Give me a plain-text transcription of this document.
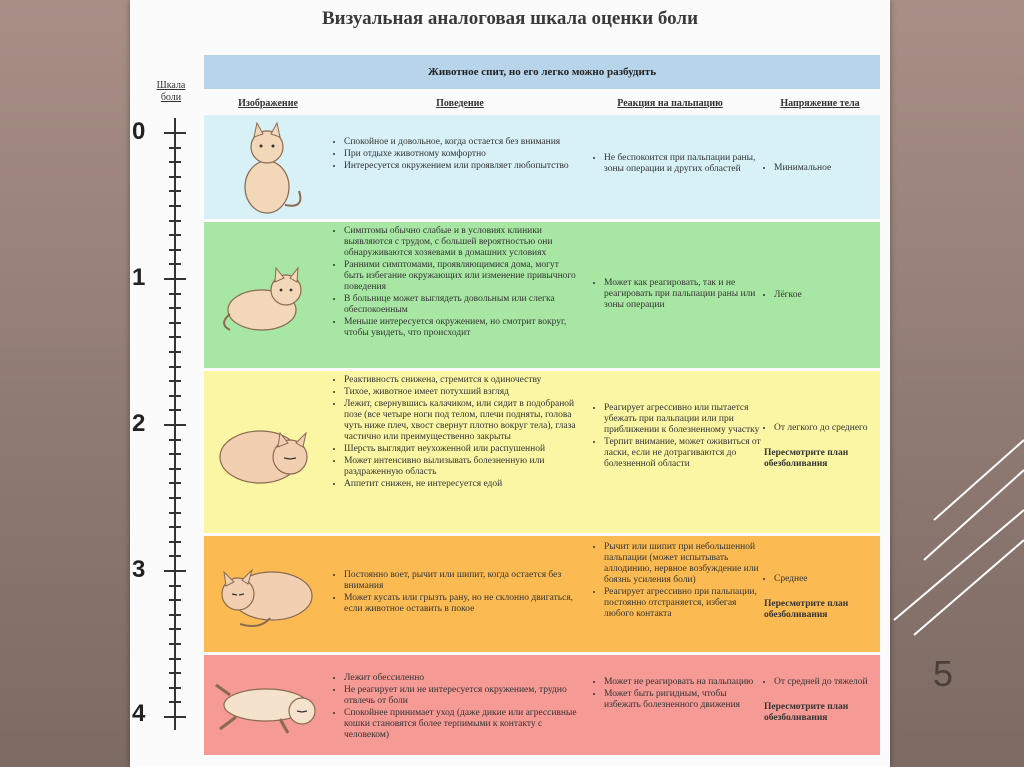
Визуальная аналоговая шкала оценки боли
Животное спит, но его легко можно разбудить
Шкала боли
Изображение	Поведение	Реакция на пальпацию	Напряжение тела
0
1
2
3
4
• Спокойное и довольное, когда остается без внимания
• При отдыхе животному комфортно
• Интересуется окружением или проявляет любопытство
• Не беспокоится при пальпации раны, зоны операции и других областей
•	Минимальное
• Симптомы обычно слабые и в условиях клиники выявляются с трудом, с большей вероятностью они обнаруживаются хозяевами в домашних условиях
• Ранними симптомами, проявляющимися дома, могут быть избегание окружающих или изменение привычного поведения
• В больнице может выглядеть довольным или слегка обеспокоенным
• Меньше интересуется окружением, но смотрит вокруг, чтобы увидеть, что происходит
• Может как реагировать, так и не реагировать при пальпации раны или зоны операции
• Лёгкое
• Реактивность снижена, стремится к одиночеству
• Тихое, животное имеет потухший взгляд
• Лежит, свернувшись калачиком, или сидит в подобраной позе (все четыре ноги под телом, плечи подняты, голова чуть ниже плеч, хвост свернут плотно вокруг тела), глаза частично или преимущественно закрыты
• Шерсть выглядит неухоженной или распушенной
• Может интенсивно вылизывать болезненную или раздраженную область
• Аппетит снижен, не интересуется едой
• Реагирует агрессивно или пытается убежать при пальпации или при приближении к болезненному участку
• Терпит внимание, может оживиться от ласки, если не дотрагиваются до болезненной области
• От легкого до среднего
Пересмотрите план обезболивания
• Постоянно воет, рычит или шипит, когда остается без внимания
• Может кусать или грызть рану, но не склонно двигаться, если животное оставить в покое
• Рычит или шипит при небольшенной пальпации (может испытывать аллодинию, нервное возбуждение или боязнь усиления боли)
• Реагирует агрессивно при пальпации, постоянно отстраняется, избегая любого контакта
• Среднее
Пересмотрите план обезболивания
• Лежит обессиленно
• Не реагирует или не интересуется окружением, трудно отвлечь от боли
• Спокойнее принимает уход (даже дикие или агрессивные кошки становятся более терпимыми к контакту с человеком)
• Может не реагировать на пальпацию
• Может быть ригидным, чтобы избежать болезненного движения
• От средней до тяжелой
Пересмотрите план обезболивания
5
